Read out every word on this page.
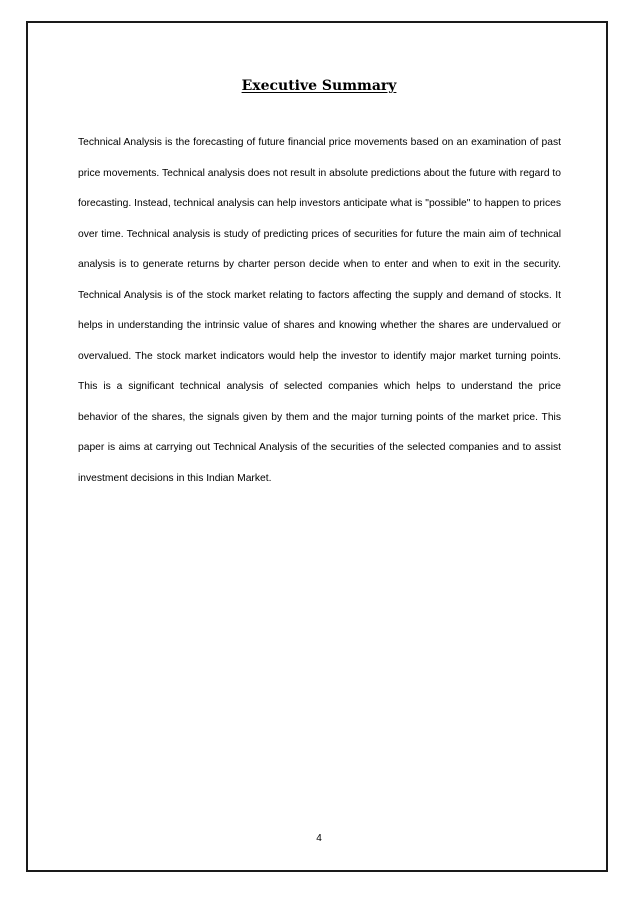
Executive Summary

Technical Analysis is the forecasting of future financial price movements based on an examination of past price movements. Technical analysis does not result in absolute predictions about the future with regard to forecasting. Instead, technical analysis can help investors anticipate what is "possible" to happen to prices over time. Technical analysis is study of predicting prices of securities for future the main aim of technical analysis is to generate returns by charter person decide when to enter and when to exit in the security. Technical Analysis is of the stock market relating to factors affecting the supply and demand of stocks. It helps in understanding the intrinsic value of shares and knowing whether the shares are undervalued or overvalued. The stock market indicators would help the investor to identify major market turning points. This is a significant technical analysis of selected companies which helps to understand the price behavior of the shares, the signals given by them and the major turning points of the market price. This paper is aims at carrying out Technical Analysis of the securities of the selected companies and to assist investment decisions in this Indian Market.

4
